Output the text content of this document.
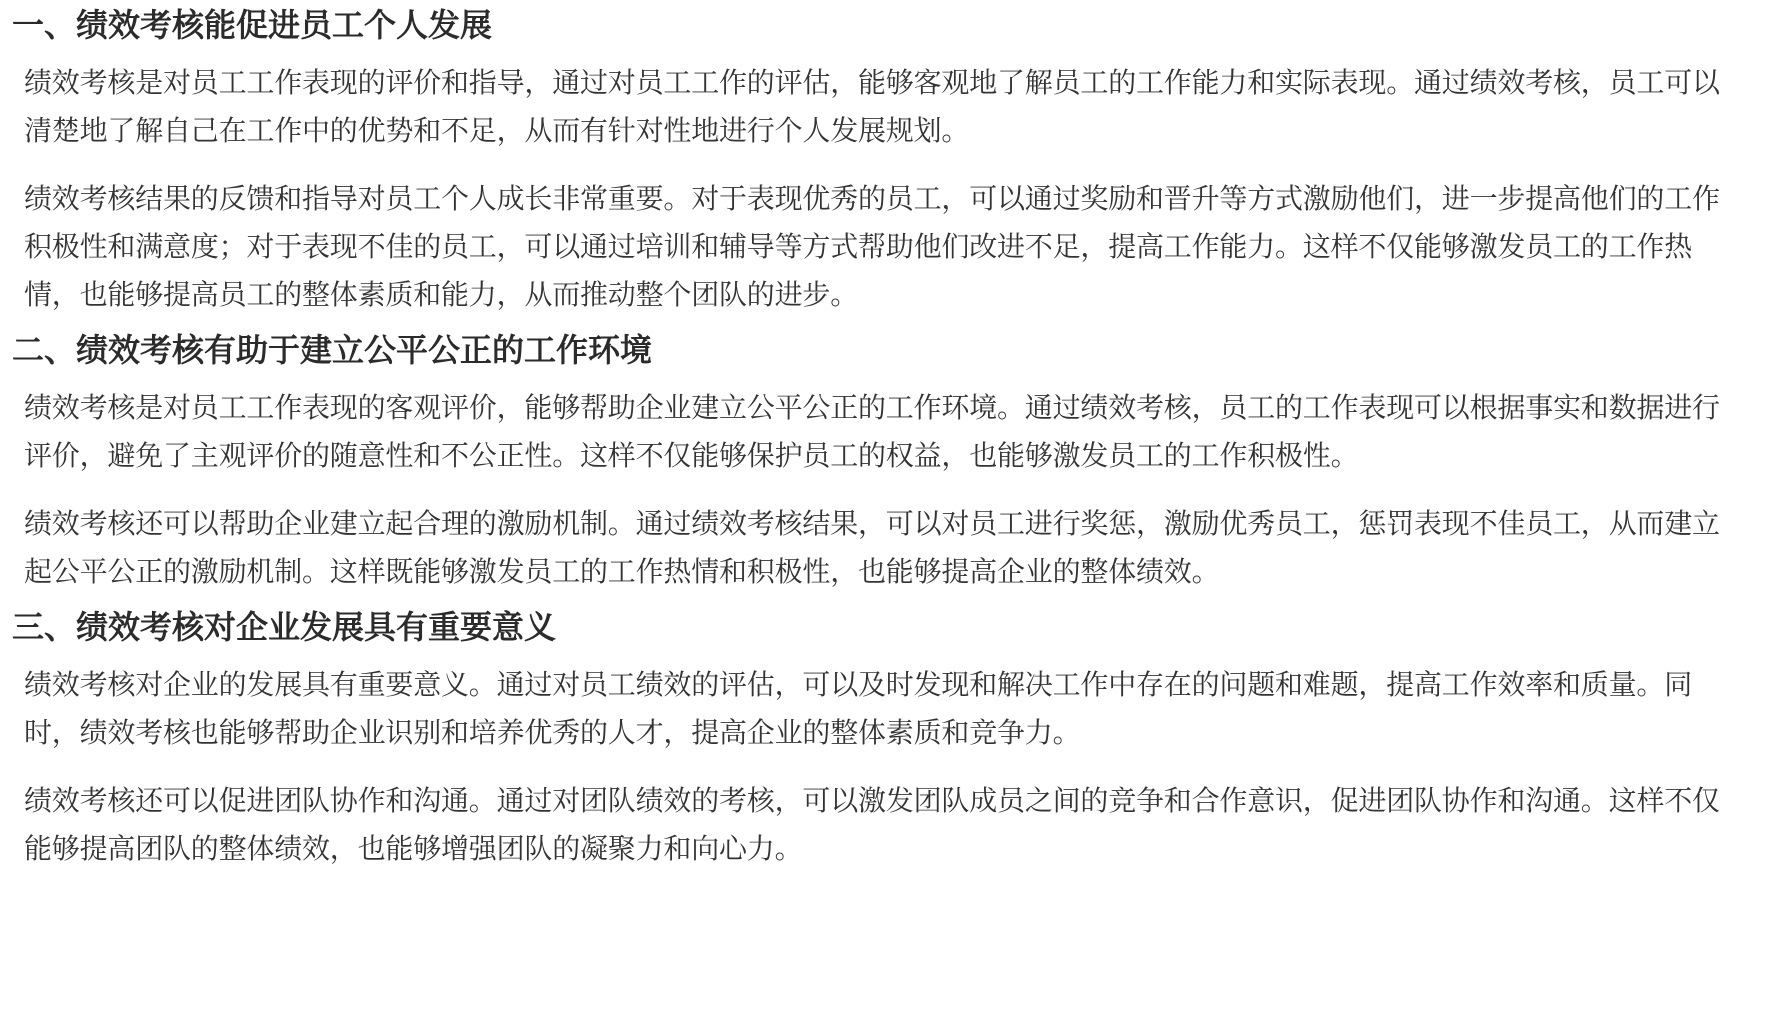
一、绩效考核能促进员工个人发展

绩效考核是对员工工作表现的评价和指导，通过对员工工作的评估，能够客观地了解员工的工作能力和实际表现。通过绩效考核，员工可以清楚地了解自己在工作中的优势和不足，从而有针对性地进行个人发展规划。

绩效考核结果的反馈和指导对员工个人成长非常重要。对于表现优秀的员工，可以通过奖励和晋升等方式激励他们，进一步提高他们的工作积极性和满意度；对于表现不佳的员工，可以通过培训和辅导等方式帮助他们改进不足，提高工作能力。这样不仅能够激发员工的工作热情，也能够提高员工的整体素质和能力，从而推动整个团队的进步。

二、绩效考核有助于建立公平公正的工作环境

绩效考核是对员工工作表现的客观评价，能够帮助企业建立公平公正的工作环境。通过绩效考核，员工的工作表现可以根据事实和数据进行评价，避免了主观评价的随意性和不公正性。这样不仅能够保护员工的权益，也能够激发员工的工作积极性。

绩效考核还可以帮助企业建立起合理的激励机制。通过绩效考核结果，可以对员工进行奖惩，激励优秀员工，惩罚表现不佳员工，从而建立起公平公正的激励机制。这样既能够激发员工的工作热情和积极性，也能够提高企业的整体绩效。

三、绩效考核对企业发展具有重要意义

绩效考核对企业的发展具有重要意义。通过对员工绩效的评估，可以及时发现和解决工作中存在的问题和难题，提高工作效率和质量。同时，绩效考核也能够帮助企业识别和培养优秀的人才，提高企业的整体素质和竞争力。

绩效考核还可以促进团队协作和沟通。通过对团队绩效的考核，可以激发团队成员之间的竞争和合作意识，促进团队协作和沟通。这样不仅能够提高团队的整体绩效，也能够增强团队的凝聚力和向心力。
